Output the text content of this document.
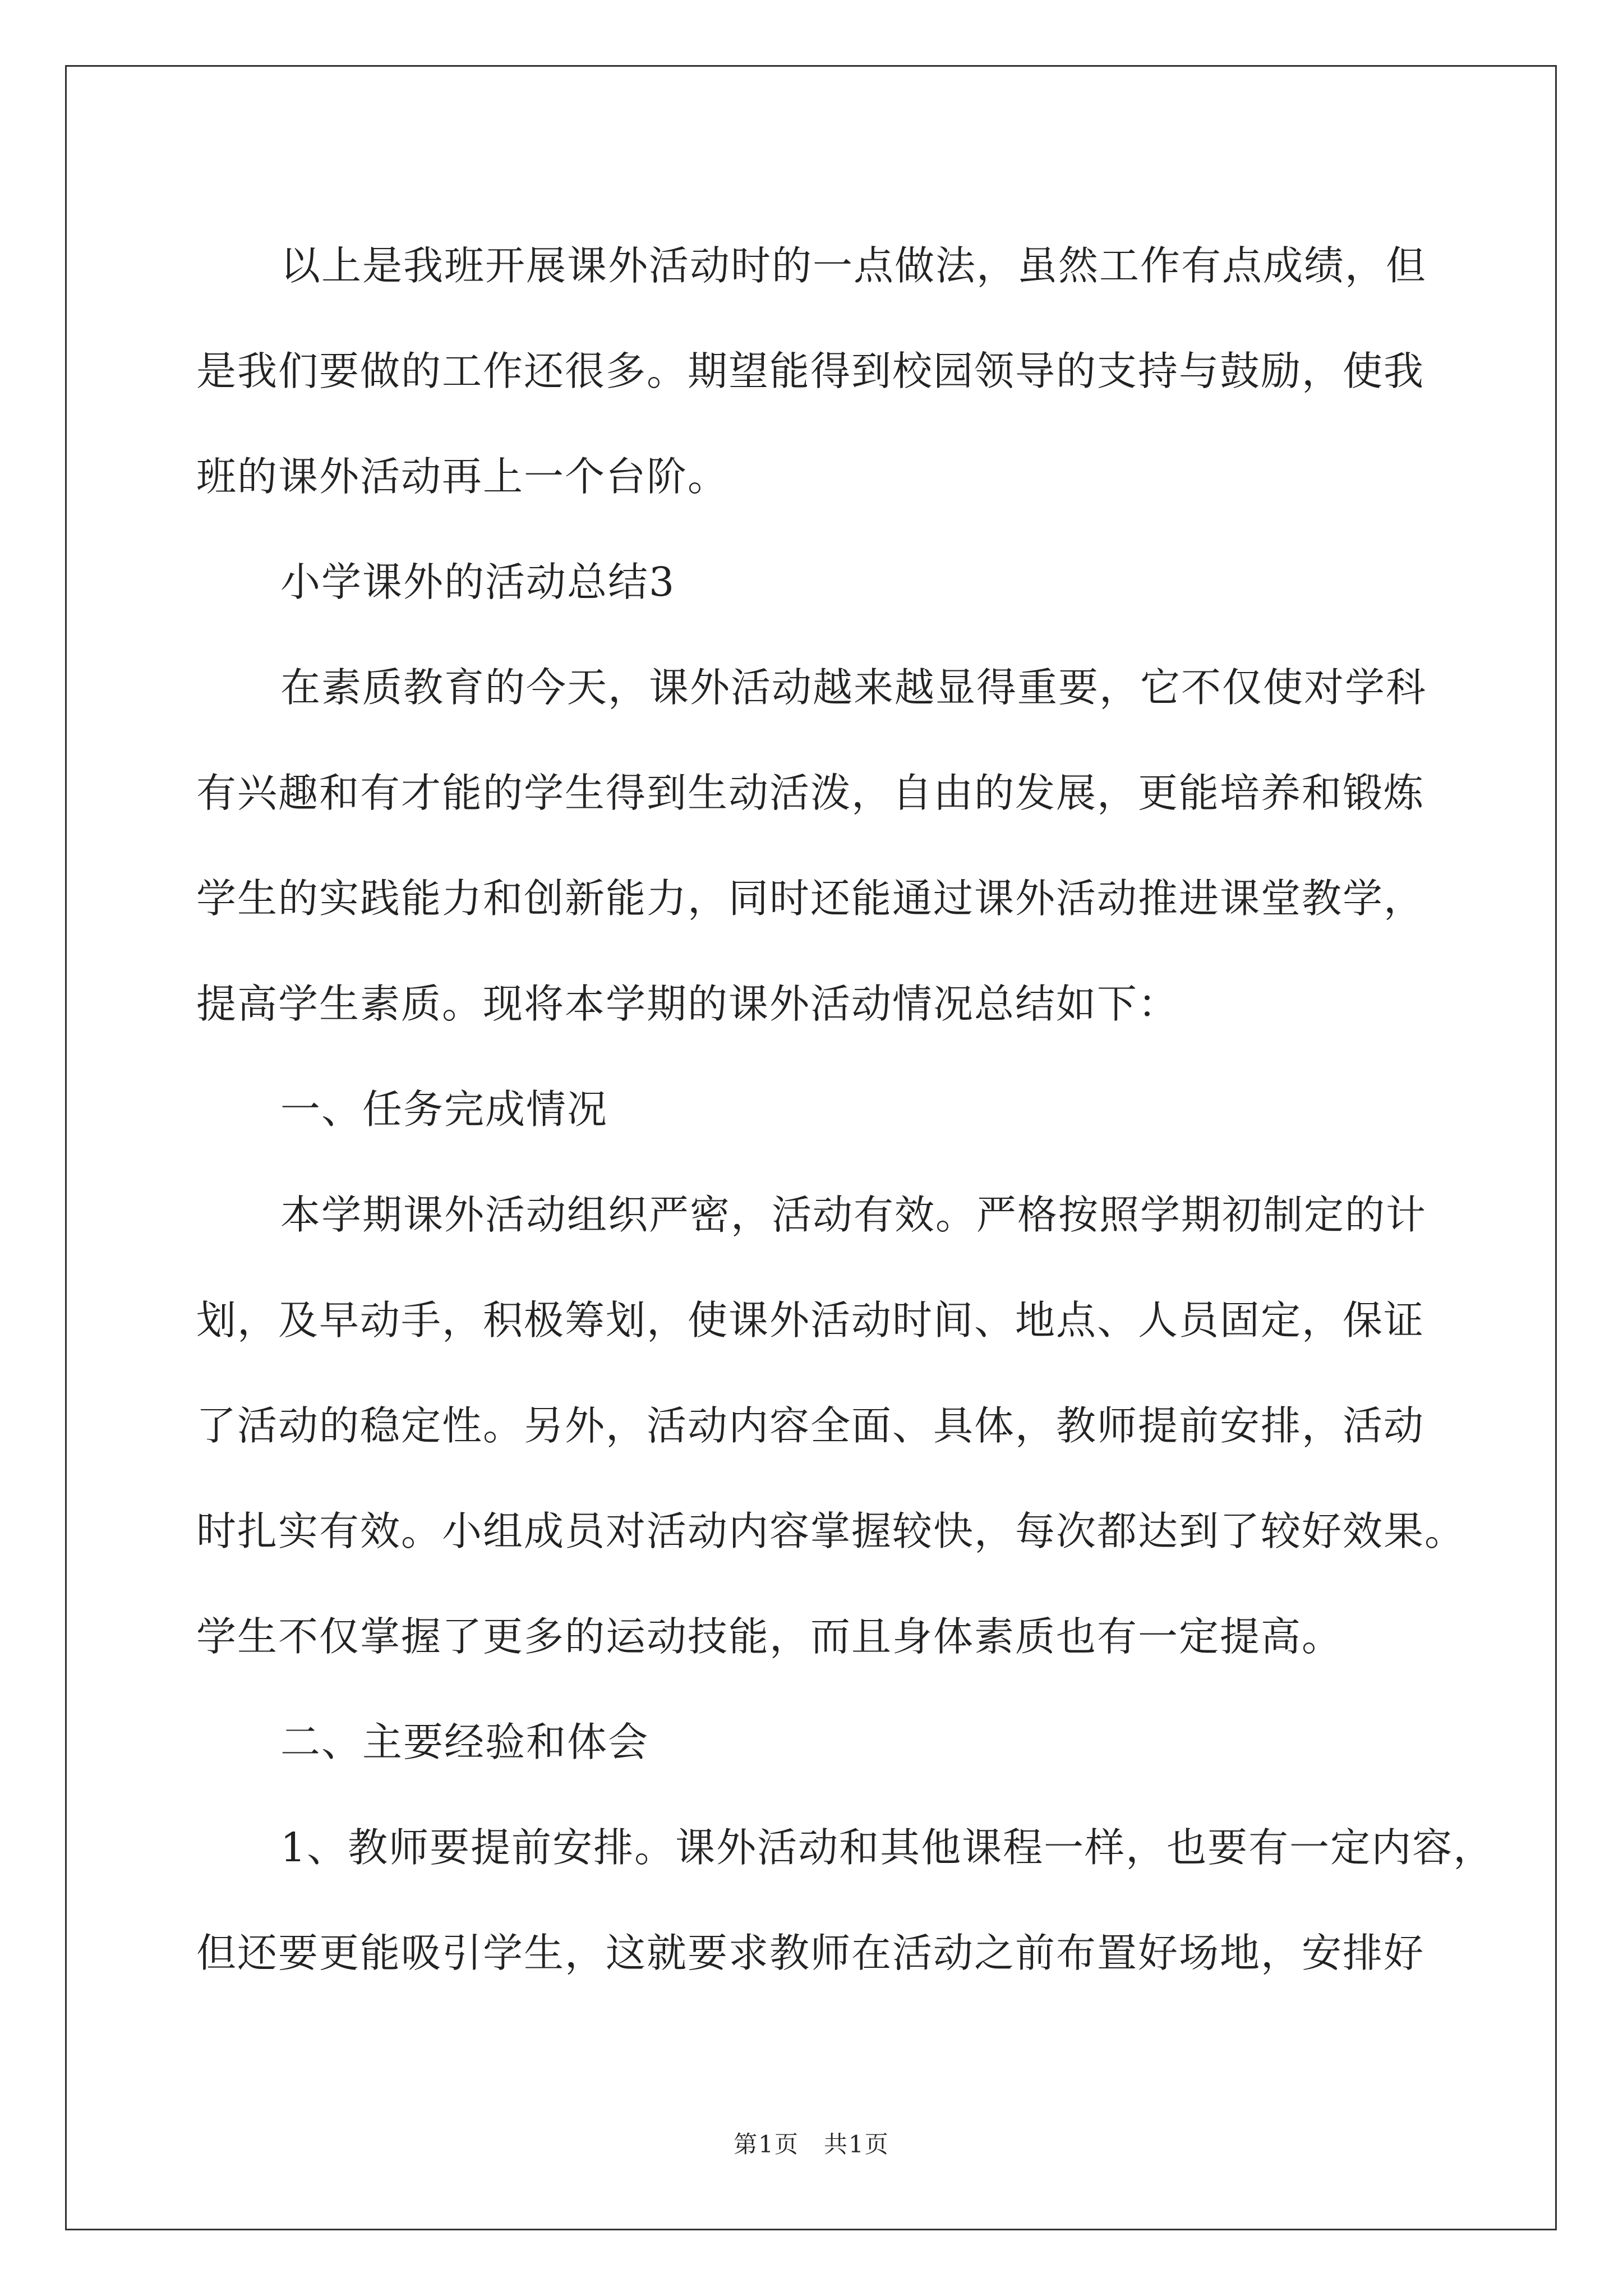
以上是我班开展课外活动时的一点做法，虽然工作有点成绩，但
是我们要做的工作还很多。期望能得到校园领导的支持与鼓励，使我
班的课外活动再上一个台阶。
小学课外的活动总结3
在素质教育的今天，课外活动越来越显得重要，它不仅使对学科
有兴趣和有才能的学生得到生动活泼，自由的发展，更能培养和锻炼
学生的实践能力和创新能力，同时还能通过课外活动推进课堂教学，
提高学生素质。现将本学期的课外活动情况总结如下：
一、任务完成情况
本学期课外活动组织严密，活动有效。严格按照学期初制定的计
划，及早动手，积极筹划，使课外活动时间、地点、人员固定，保证
了活动的稳定性。另外，活动内容全面、具体，教师提前安排，活动
时扎实有效。小组成员对活动内容掌握较快，每次都达到了较好效果。
学生不仅掌握了更多的运动技能，而且身体素质也有一定提高。
二、主要经验和体会
1、教师要提前安排。课外活动和其他课程一样，也要有一定内容，
但还要更能吸引学生，这就要求教师在活动之前布置好场地，安排好
第1页　共1页
